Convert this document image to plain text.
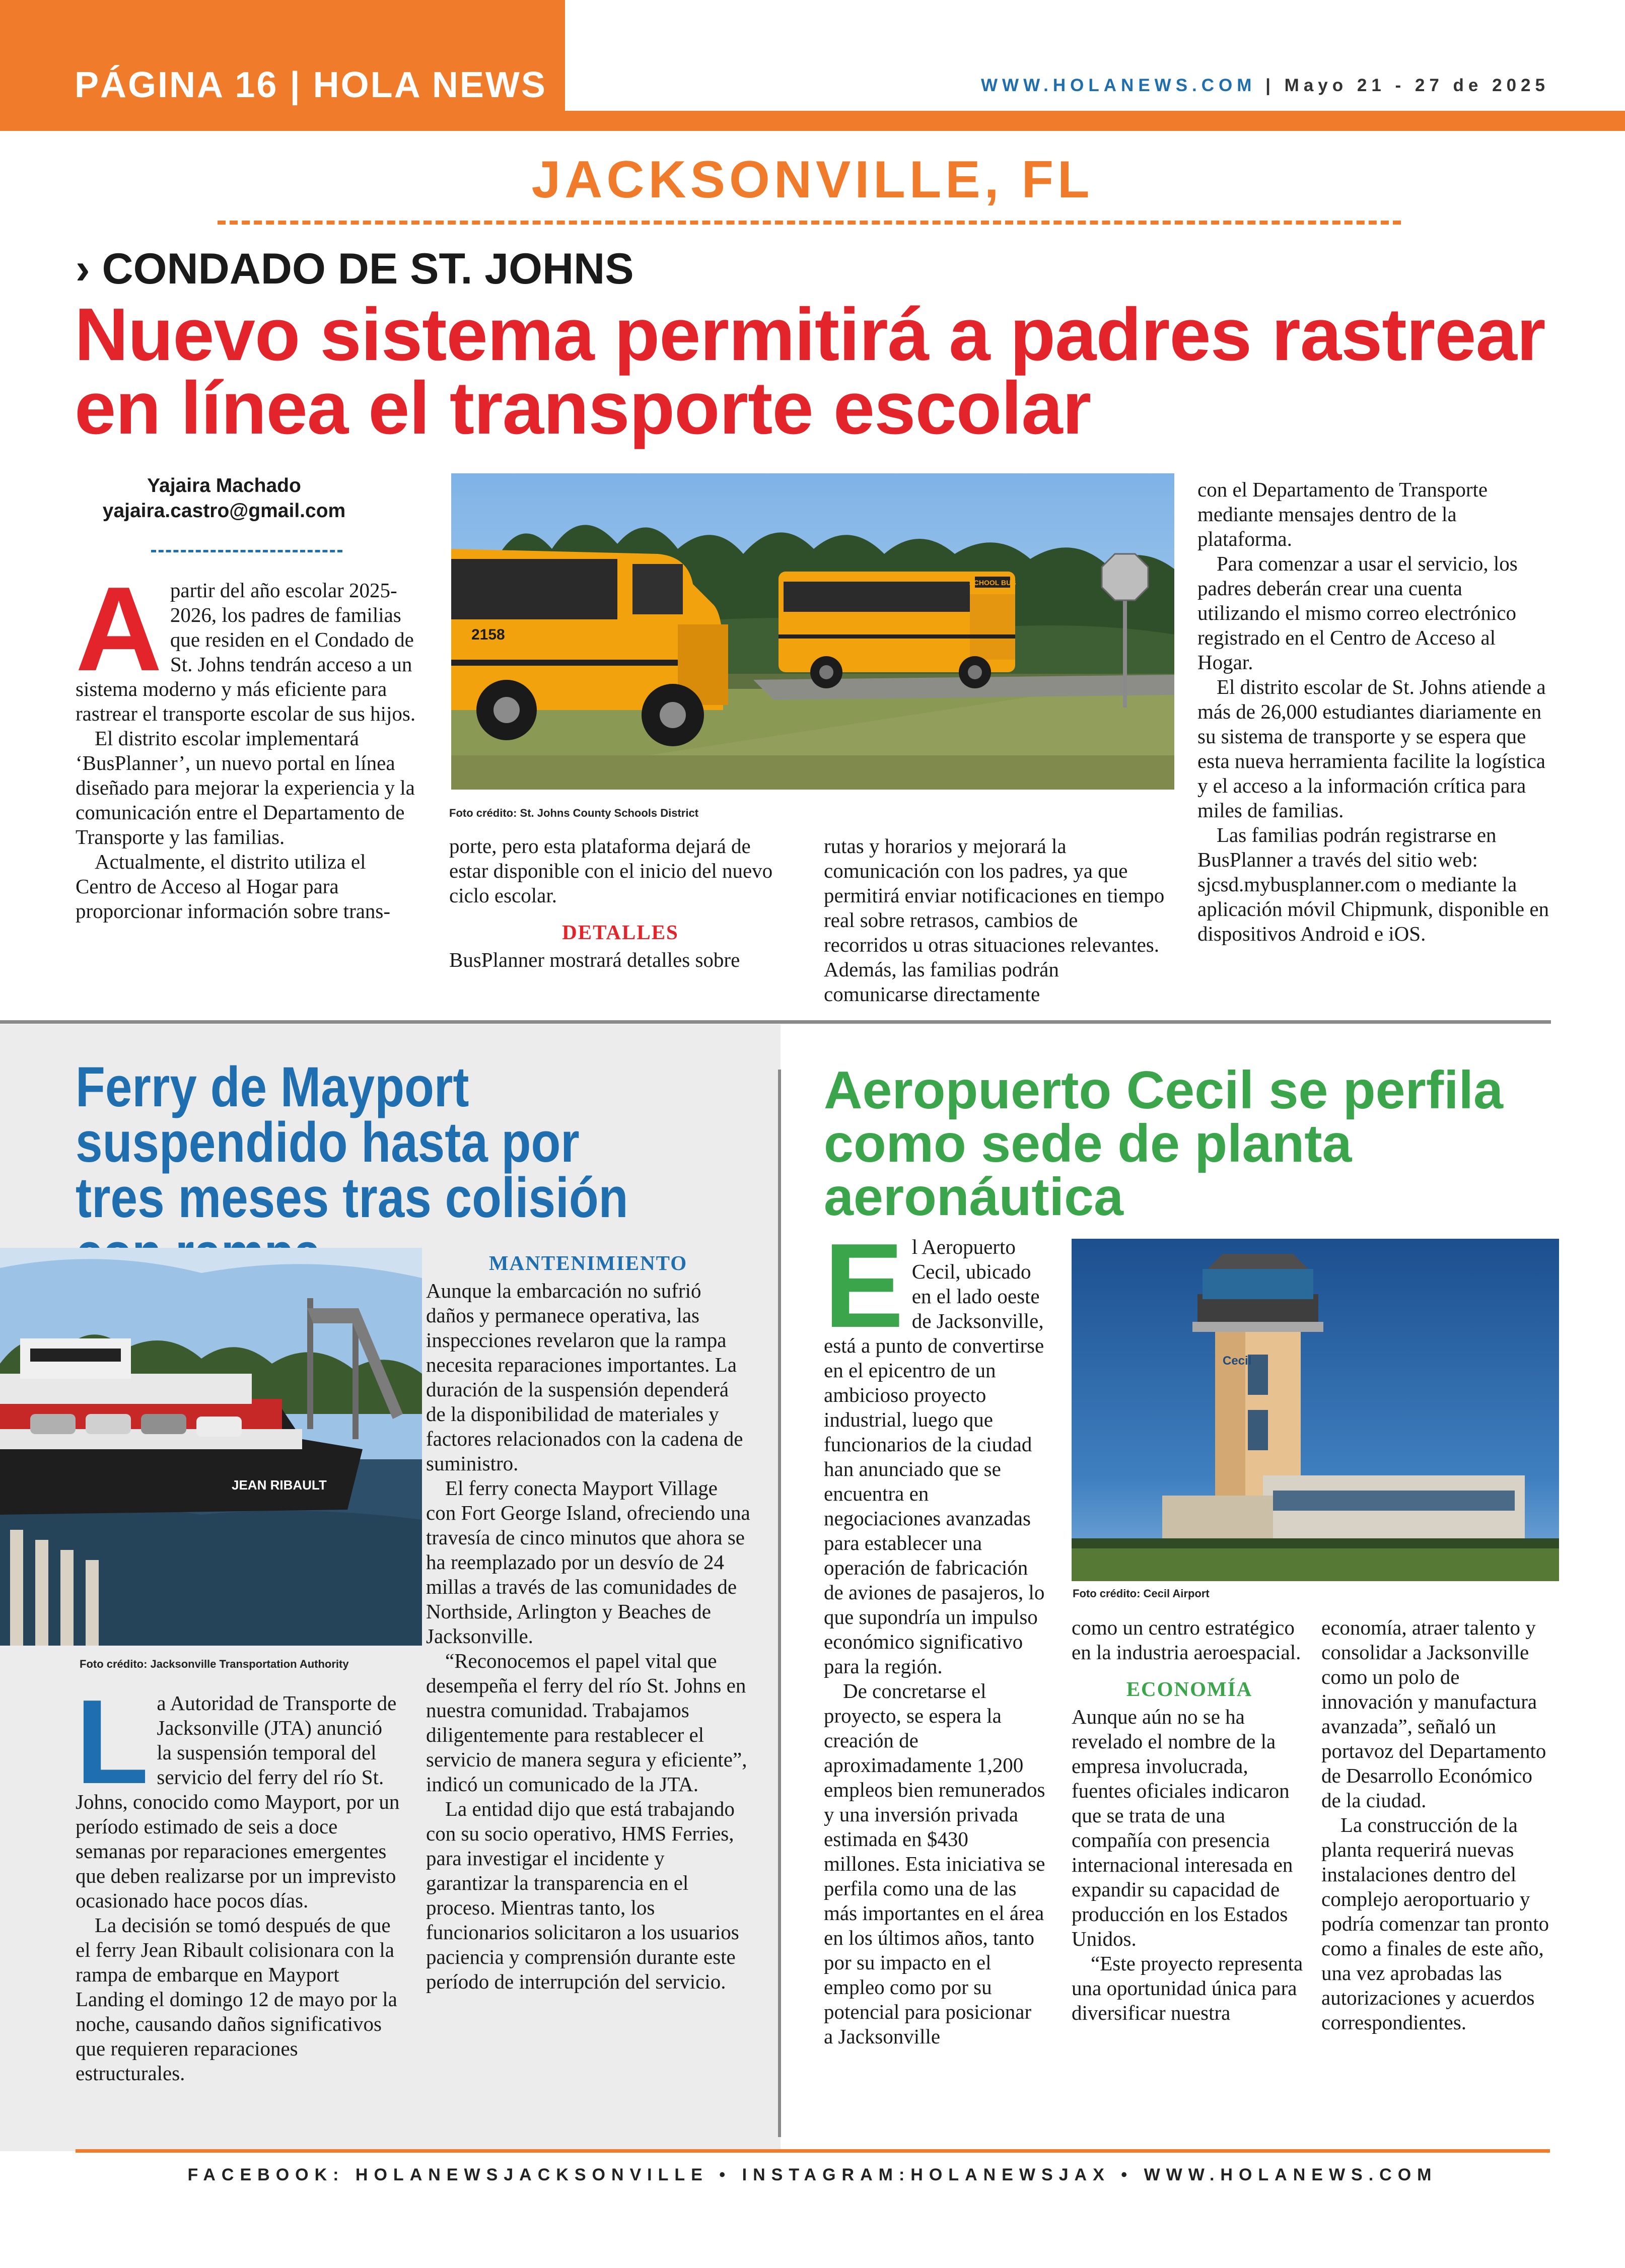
PÁGINA 16 | HOLA NEWS	WWW.HOLANEWS.COM | Mayo 21 - 27 de 2025
JACKSONVILLE, FL
› CONDADO DE ST. JOHNS
Nuevo sistema permitirá a padres rastrear en línea el transporte escolar
Yajaira Machado
yajaira.castro@gmail.com

Apartir del año escolar 2025-2026, los padres de familias que residen en el Condado de St. Johns tendrán acceso a un sistema moderno y más eficiente para rastrear el transporte escolar de sus hijos.

El distrito escolar implementará ‘BusPlanner’, un nuevo portal en línea diseñado para mejorar la experiencia y la comunicación entre el Departamento de Transporte y las familias.

Actualmente, el distrito utiliza el Centro de Acceso al Hogar para proporcionar información sobre trans-

SCHOOL BUS
2158
Foto crédito: St. Johns County Schools District

porte, pero esta plataforma dejará de estar disponible con el inicio del nuevo ciclo escolar.

DETALLES

BusPlanner mostrará detalles sobre

rutas y horarios y mejorará la comunicación con los padres, ya que permitirá enviar notificaciones en tiempo real sobre retrasos, cambios de recorridos u otras situaciones relevantes. Además, las familias podrán comunicarse directamente

con el Departamento de Transporte mediante mensajes dentro de la plataforma.

Para comenzar a usar el servicio, los padres deberán crear una cuenta utilizando el mismo correo electrónico registrado en el Centro de Acceso al Hogar.

El distrito escolar de St. Johns atiende a más de 26,000 estudiantes diariamente en su sistema de transporte y se espera que esta nueva herramienta facilite la logística y el acceso a la información crítica para miles de familias.

Las familias podrán registrarse en BusPlanner a través del sitio web: sjcsd.mybusplanner.com o mediante la aplicación móvil Chipmunk, disponible en dispositivos Android e iOS.

Ferry de Mayport suspendido hasta por tres meses tras colisión
JEAN RIBAULT
Foto crédito: Jacksonville Transportation Authority

La Autoridad de Transporte de Jacksonville (JTA) anunció la suspensión temporal del servicio del ferry del río St. Johns, conocido como Mayport, por un período estimado de seis a doce semanas por reparaciones emergentes que deben realizarse por un imprevisto ocasionado hace pocos días.

La decisión se tomó después de que el ferry Jean Ribault colisionara con la rampa de embarque en Mayport Landing el domingo 12 de mayo por la noche, causando daños significativos que requieren reparaciones estructurales.

MANTENIMIENTO

Aunque la embarcación no sufrió daños y permanece operativa, las inspecciones revelaron que la rampa necesita reparaciones importantes. La duración de la suspensión dependerá de la disponibilidad de materiales y factores relacionados con la cadena de suministro.

El ferry conecta Mayport Village con Fort George Island, ofreciendo una travesía de cinco minutos que ahora se ha reemplazado por un desvío de 24 millas a través de las comunidades de Northside, Arlington y Beaches de Jacksonville.

“Reconocemos el papel vital que desempeña el ferry del río St. Johns en nuestra comunidad. Trabajamos diligentemente para restablecer el servicio de manera segura y eficiente”, indicó un comunicado de la JTA.

La entidad dijo que está trabajando con su socio operativo, HMS Ferries, para investigar el incidente y garantizar la transparencia en el proceso. Mientras tanto, los funcionarios solicitaron a los usuarios paciencia y comprensión durante este período de interrupción del servicio.

Aeropuerto Cecil se perfila como sede de planta aeronáutica

El Aeropuerto Cecil, ubicado en el lado oeste de Jacksonville, está a punto de convertirse en el epicentro de un ambicioso proyecto industrial, luego que funcionarios de la ciudad han anunciado que se encuentra en negociaciones avanzadas para establecer una operación de fabricación de aviones de pasajeros, lo que supondría un impulso económico significativo para la región.

De concretarse el proyecto, se espera la creación de aproximadamente 1,200 empleos bien remunerados y una inversión privada estimada en $430 millones. Esta iniciativa se perfila como una de las más importantes en el área en los últimos años, tanto por su impacto en el empleo como por su potencial para posicionar a Jacksonville

Cecil
Foto crédito: Cecil Airport

como un centro estratégico en la industria aeroespacial.

ECONOMÍA

Aunque aún no se ha revelado el nombre de la empresa involucrada, fuentes oficiales indicaron que se trata de una compañía con presencia internacional interesada en expandir su capacidad de producción en los Estados Unidos.

“Este proyecto representa una oportunidad única para diversificar nuestra

economía, atraer talento y consolidar a Jacksonville como un polo de innovación y manufactura avanzada”, señaló un portavoz del Departamento de Desarrollo Económico de la ciudad.

La construcción de la planta requerirá nuevas instalaciones dentro del complejo aeroportuario y podría comenzar tan pronto como a finales de este año, una vez aprobadas las autorizaciones y acuerdos correspondientes.

FACEBOOK: HOLANEWSJACKSONVILLE • INSTAGRAM:HOLANEWSJAX • WWW.HOLANEWS.COM
